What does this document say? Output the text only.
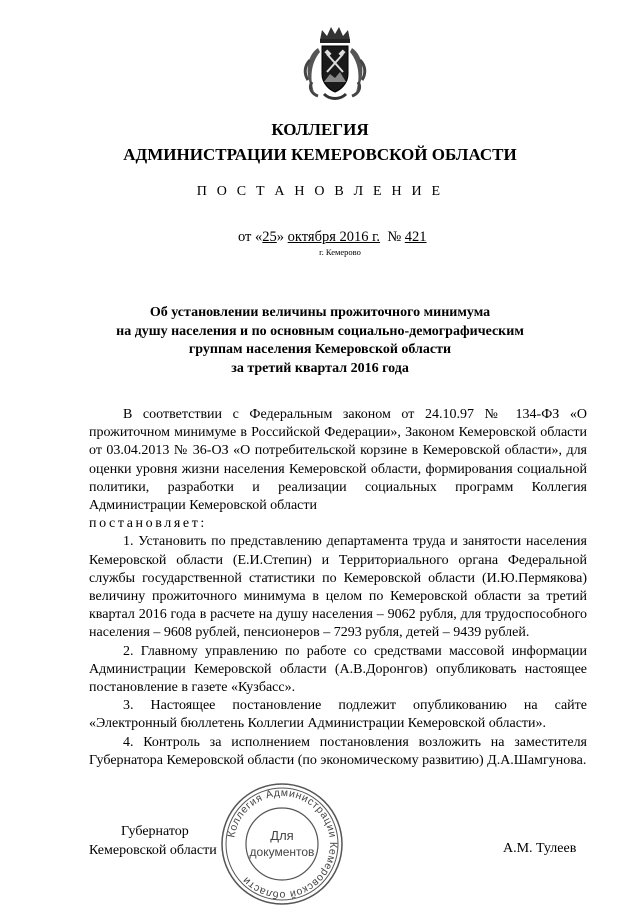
КОЛЛЕГИЯ
АДМИНИСТРАЦИИ КЕМЕРОВСКОЙ ОБЛАСТИ
П О С Т А Н О В Л Е Н И Е
от «25» октября 2016 г. № 421
г. Кемерово
Об установлении величины прожиточного минимума
на душу населения и по основным социально-демографическим
группам населения Кемеровской области
за третий квартал 2016 года

В соответствии с Федеральным законом от 24.10.97 № 134-ФЗ «О прожиточном минимуме в Российской Федерации», Законом Кемеровской области от 03.04.2013 № 36-ОЗ «О потребительской корзине в Кемеровской области», для оценки уровня жизни населения Кемеровской области, формирования социальной политики, разработки и реализации социальных программ Коллегия Администрации Кемеровской области

постановляет:

1. Установить по представлению департамента труда и занятости населения Кемеровской области (Е.И.Степин) и Территориального органа Федеральной службы государственной статистики по Кемеровской области (И.Ю.Пермякова) величину прожиточного минимума в целом по Кемеровской области за третий квартал 2016 года в расчете на душу населения – 9062 рубля, для трудоспособного населения – 9608 рублей, пенсионеров – 7293 рубля, детей – 9439 рублей.

2. Главному управлению по работе со средствами массовой информации Администрации Кемеровской области (А.В.Доронгов) опубликовать настоящее постановление в газете «Кузбасс».

3. Настоящее постановление подлежит опубликованию на сайте «Электронный бюллетень Коллегии Администрации Кемеровской области».

4. Контроль за исполнением постановления возложить на заместителя Губернатора Кемеровской области (по экономическому развитию) Д.А.Шамгунова.

Губернатор
Кемеровской области	А.М. Тулеев
Коллегия Администрации Кемеровской области
Для
документов
